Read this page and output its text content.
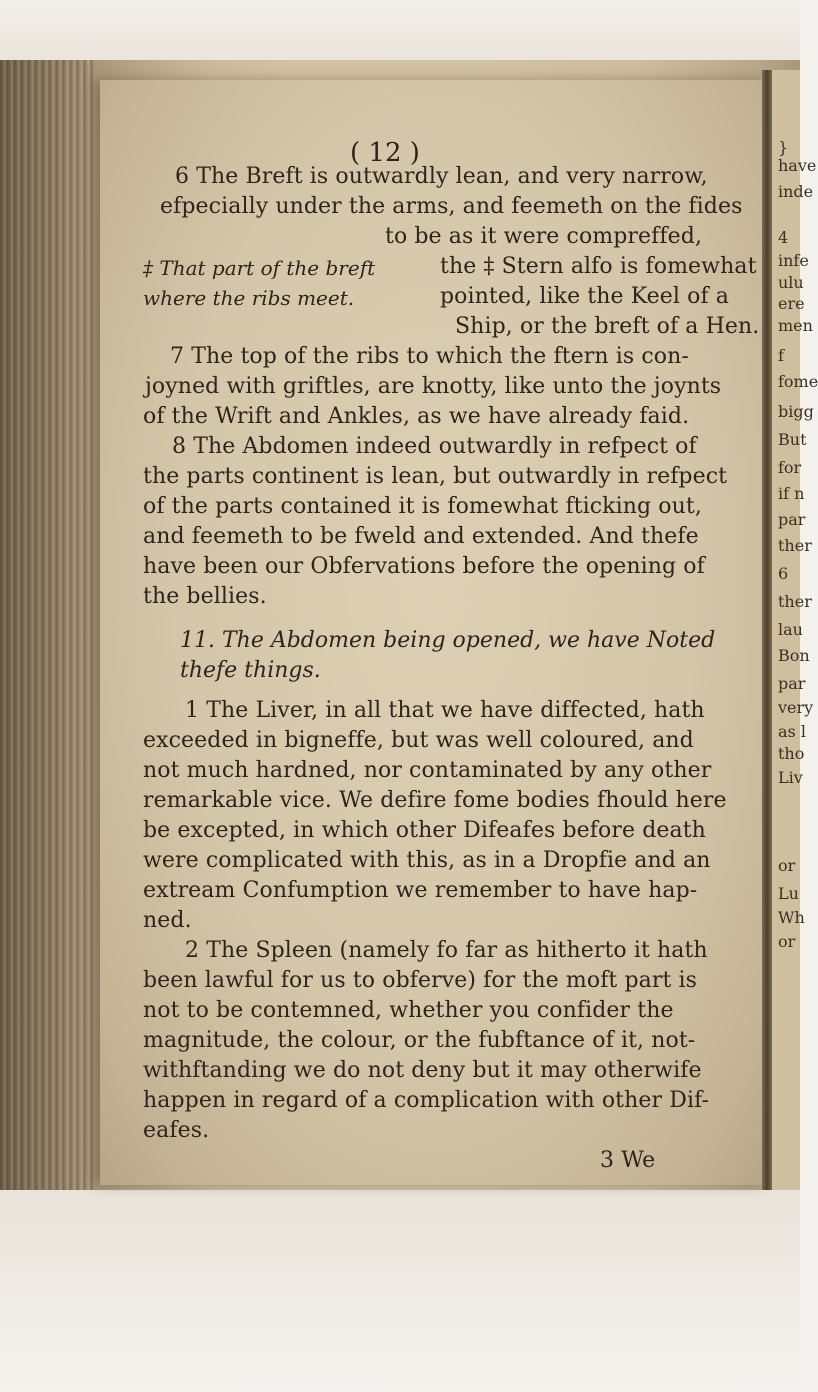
}
have
inde
4
infe
ulu
ere
men
f
fome
bigg
But
for
if n
par
ther
6
ther
lau
Bon
par
very
as l
tho
Liv
or
Lu
Wh
or
( 12 )
6 The Breft is outwardly lean, and very narrow,
efpecially under the arms, and feemeth on the fides
to be as it were compreffed,
‡ That part of the breft	the ‡ Stern alfo is fomewhat
where the ribs meet.	pointed, like the Keel of a
Ship, or the breft of a Hen.
7 The top of the ribs to which the ftern is con-
joyned with griftles, are knotty, like unto the joynts
of the Wrift and Ankles, as we have already faid.
8 The Abdomen indeed outwardly in refpect of
the parts continent is lean, but outwardly in refpect
of the parts contained it is fomewhat fticking out,
and feemeth to be fweld and extended. And thefe
have been our Obfervations before the opening of
the bellies.
11. The Abdomen being opened, we have Noted
thefe things.
1 The Liver, in all that we have diffected, hath
exceeded in bigneffe, but was well coloured, and
not much hardned, nor contaminated by any other
remarkable vice. We defire fome bodies fhould here
be excepted, in which other Difeafes before death
were complicated with this, as in a Dropfie and an
extream Confumption we remember to have hap-
ned.
2 The Spleen (namely fo far as hitherto it hath
been lawful for us to obferve) for the moft part is
not to be contemned, whether you confider the
magnitude, the colour, or the fubftance of it, not-
withftanding we do not deny but it may otherwife
happen in regard of a complication with other Dif-
eafes.
3 We
